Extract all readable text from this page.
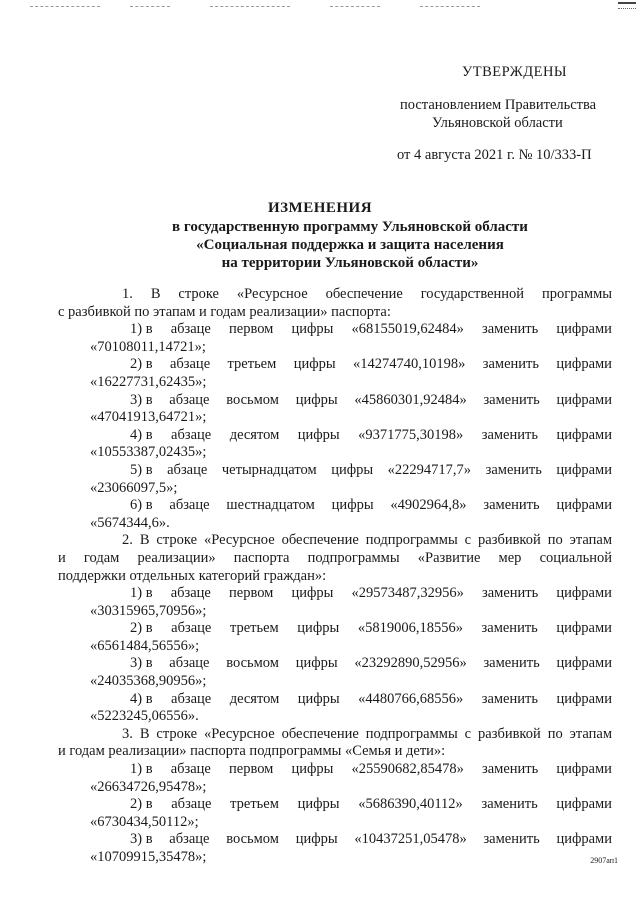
УТВЕРЖДЕНЫ
постановлением Правительства
Ульяновской области
от 4 августа 2021 г. № 10/333-П
ИЗМЕНЕНИЯ
в государственную программу Ульяновской области
«Социальная поддержка и защита населения
на территории Ульяновской области»

1. В строке «Ресурсное обеспечение государственной программы
с разбивкой по этапам и годам реализации» паспорта:

1) в абзаце первом цифры «68155019,62484» заменить цифрами
«70108011,14721»;
2) в абзаце третьем цифры «14274740,10198» заменить цифрами
«16227731,62435»;
3) в абзаце восьмом цифры «45860301,92484» заменить цифрами
«47041913,64721»;
4) в абзаце десятом цифры «9371775,30198» заменить цифрами
«10553387,02435»;
5) в абзаце четырнадцатом цифры «22294717,7» заменить цифрами
«23066097,5»;
6) в абзаце шестнадцатом цифры «4902964,8» заменить цифрами
«5674344,6».

2. В строке «Ресурсное обеспечение подпрограммы с разбивкой по этапам
и годам реализации» паспорта подпрограммы «Развитие мер социальной
поддержки отдельных категорий граждан»:

1) в абзаце первом цифры «29573487,32956» заменить цифрами
«30315965,70956»;
2) в абзаце третьем цифры «5819006,18556» заменить цифрами
«6561484,56556»;
3) в абзаце восьмом цифры «23292890,52956» заменить цифрами
«24035368,90956»;
4) в абзаце десятом цифры «4480766,68556» заменить цифрами
«5223245,06556».

3. В строке «Ресурсное обеспечение подпрограммы с разбивкой по этапам
и годам реализации» паспорта подпрограммы «Семья и дети»:

1) в абзаце первом цифры «25590682,85478» заменить цифрами
«26634726,95478»;
2) в абзаце третьем цифры «5686390,40112» заменить цифрами
«6730434,50112»;
3) в абзаце восьмом цифры «10437251,05478» заменить цифрами
«10709915,35478»;	2907ап1
